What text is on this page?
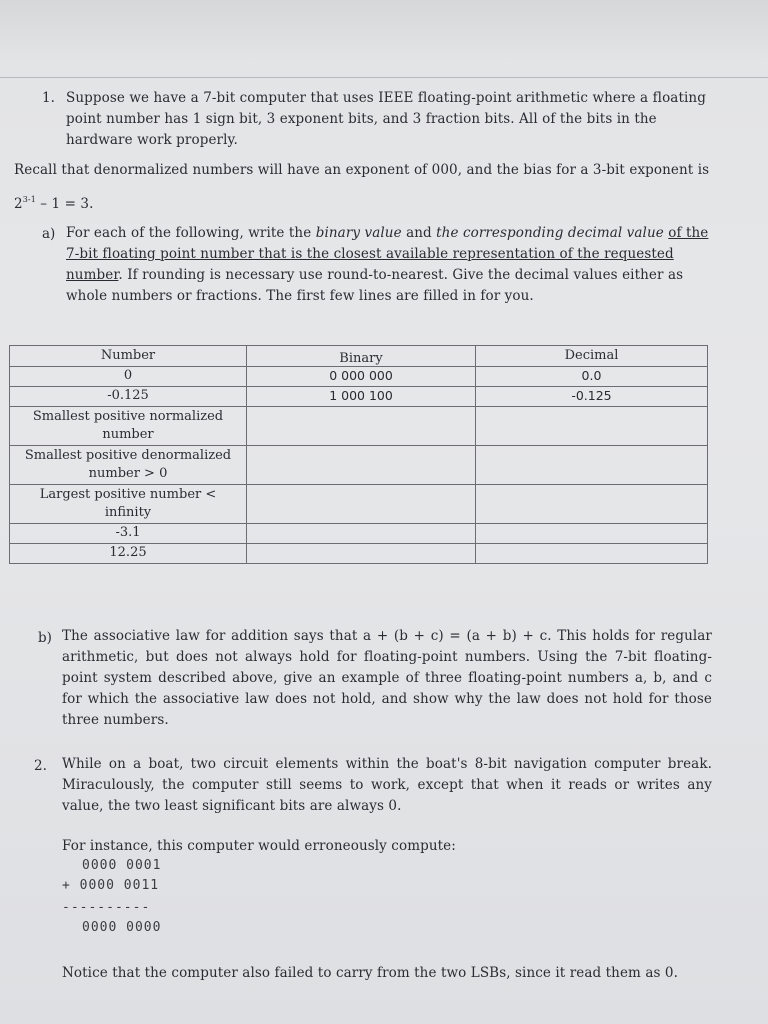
1. Suppose we have a 7-bit computer that uses IEEE floating-point arithmetic where a floating point number has 1 sign bit, 3 exponent bits, and 3 fraction bits. All of the bits in the hardware work properly.
Recall that denormalized numbers will have an exponent of 000, and the bias for a 3-bit exponent is
2$^{3-1}$ – 1 = 3.
a) For each of the following, write the binary value and the corresponding decimal value of the 7-bit floating point number that is the closest available representation of the requested number. If rounding is necessary use round-to-nearest. Give the decimal values either as whole numbers or fractions. The first few lines are filled in for you.
Number	Binary	Decimal
0	0 000 000	0.0
-0.125	1 000 100	-0.125
Smallest positive normalized number
Smallest positive denormalized number > 0
Largest positive number < infinity
-3.1
12.25
b) The associative law for addition says that a + (b + c) = (a + b) + c. This holds for regular arithmetic, but does not always hold for floating-point numbers. Using the 7-bit floating-point system described above, give an example of three floating-point numbers a, b, and c for which the associative law does not hold, and show why the law does not hold for those three numbers.
2. While on a boat, two circuit elements within the boat's 8-bit navigation computer break. Miraculously, the computer still seems to work, except that when it reads or writes any value, the two least significant bits are always 0.
For instance, this computer would erroneously compute:
0000 0001
+ 0000 0011
----------
0000 0000
Notice that the computer also failed to carry from the two LSBs, since it read them as 0.
